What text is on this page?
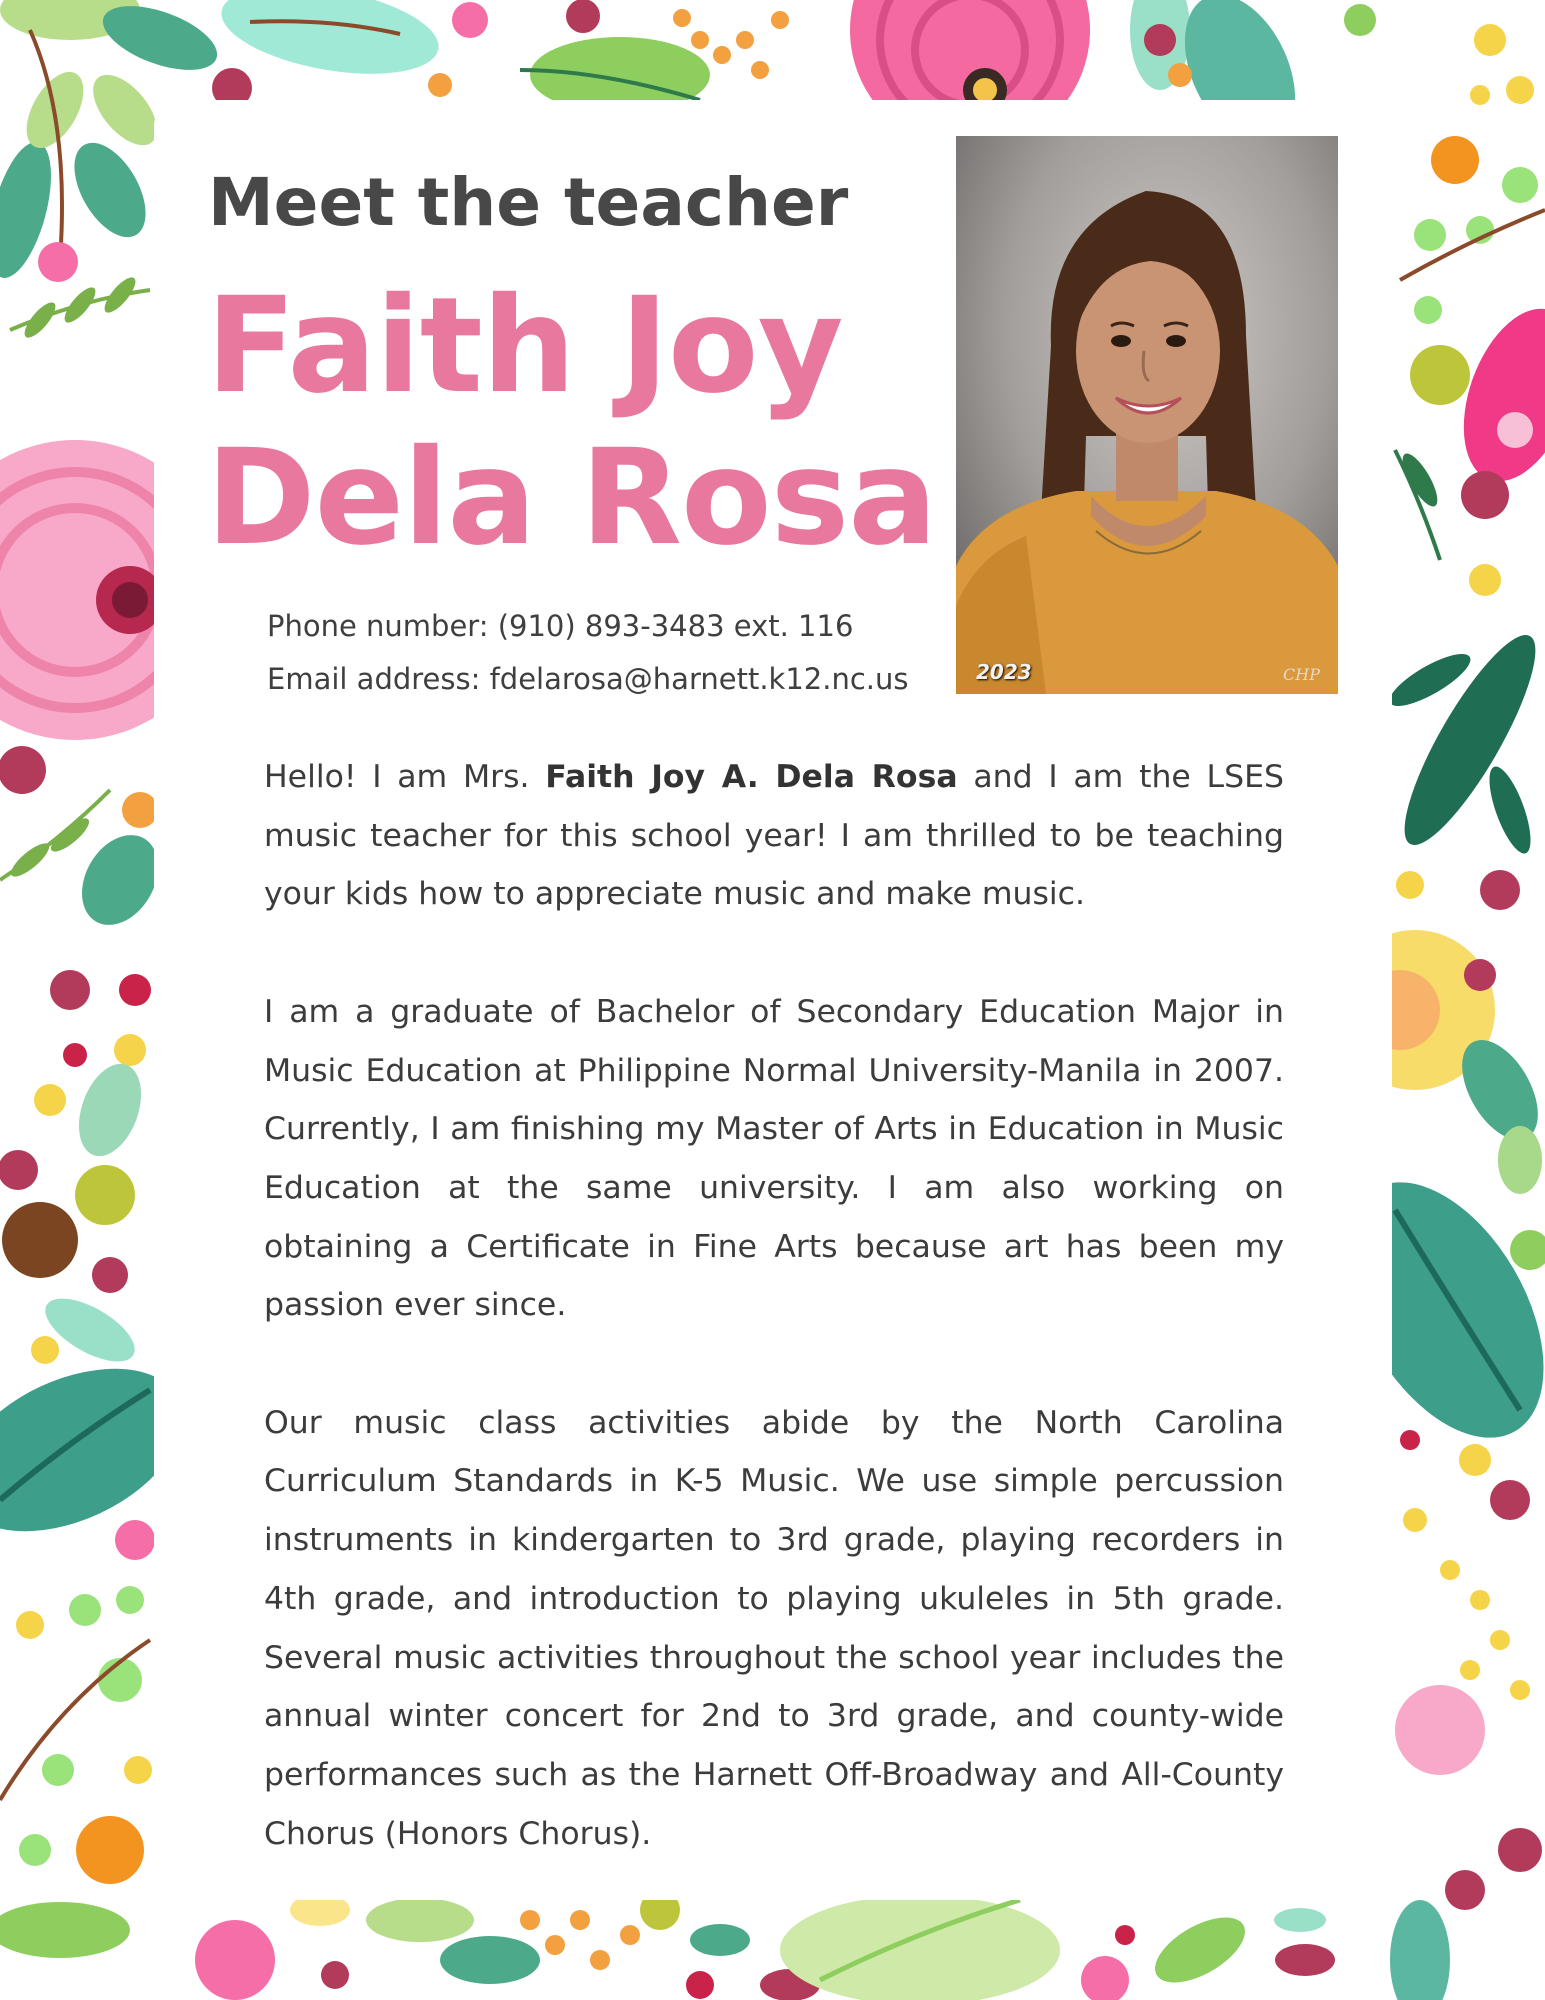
Meet the teacher
Faith Joy
Dela Rosa
Phone number: (910) 893-3483 ext. 116
Email address: fdelarosa@harnett.k12.nc.us	2023	CHP

Hello! I am Mrs. Faith Joy A. Dela Rosa and I am the LSES music teacher for this school year! I am thrilled to be teaching your kids how to appreciate music and make music.

I am a graduate of Bachelor of Secondary Education Major in Music Education at Philippine Normal University-Manila in 2007. Currently, I am finishing my Master of Arts in Education in Music Education at the same university. I am also working on obtaining a Certificate in Fine Arts because art has been my passion ever since.

Our music class activities abide by the North Carolina Curriculum Standards in K-5 Music. We use simple percussion instruments in kindergarten to 3rd grade, playing recorders in 4th grade, and introduction to playing ukuleles in 5th grade. Several music activities throughout the school year includes the annual winter concert for 2nd to 3rd grade, and county-wide performances such as the Harnett Off-Broadway and All-County Chorus (Honors Chorus).
